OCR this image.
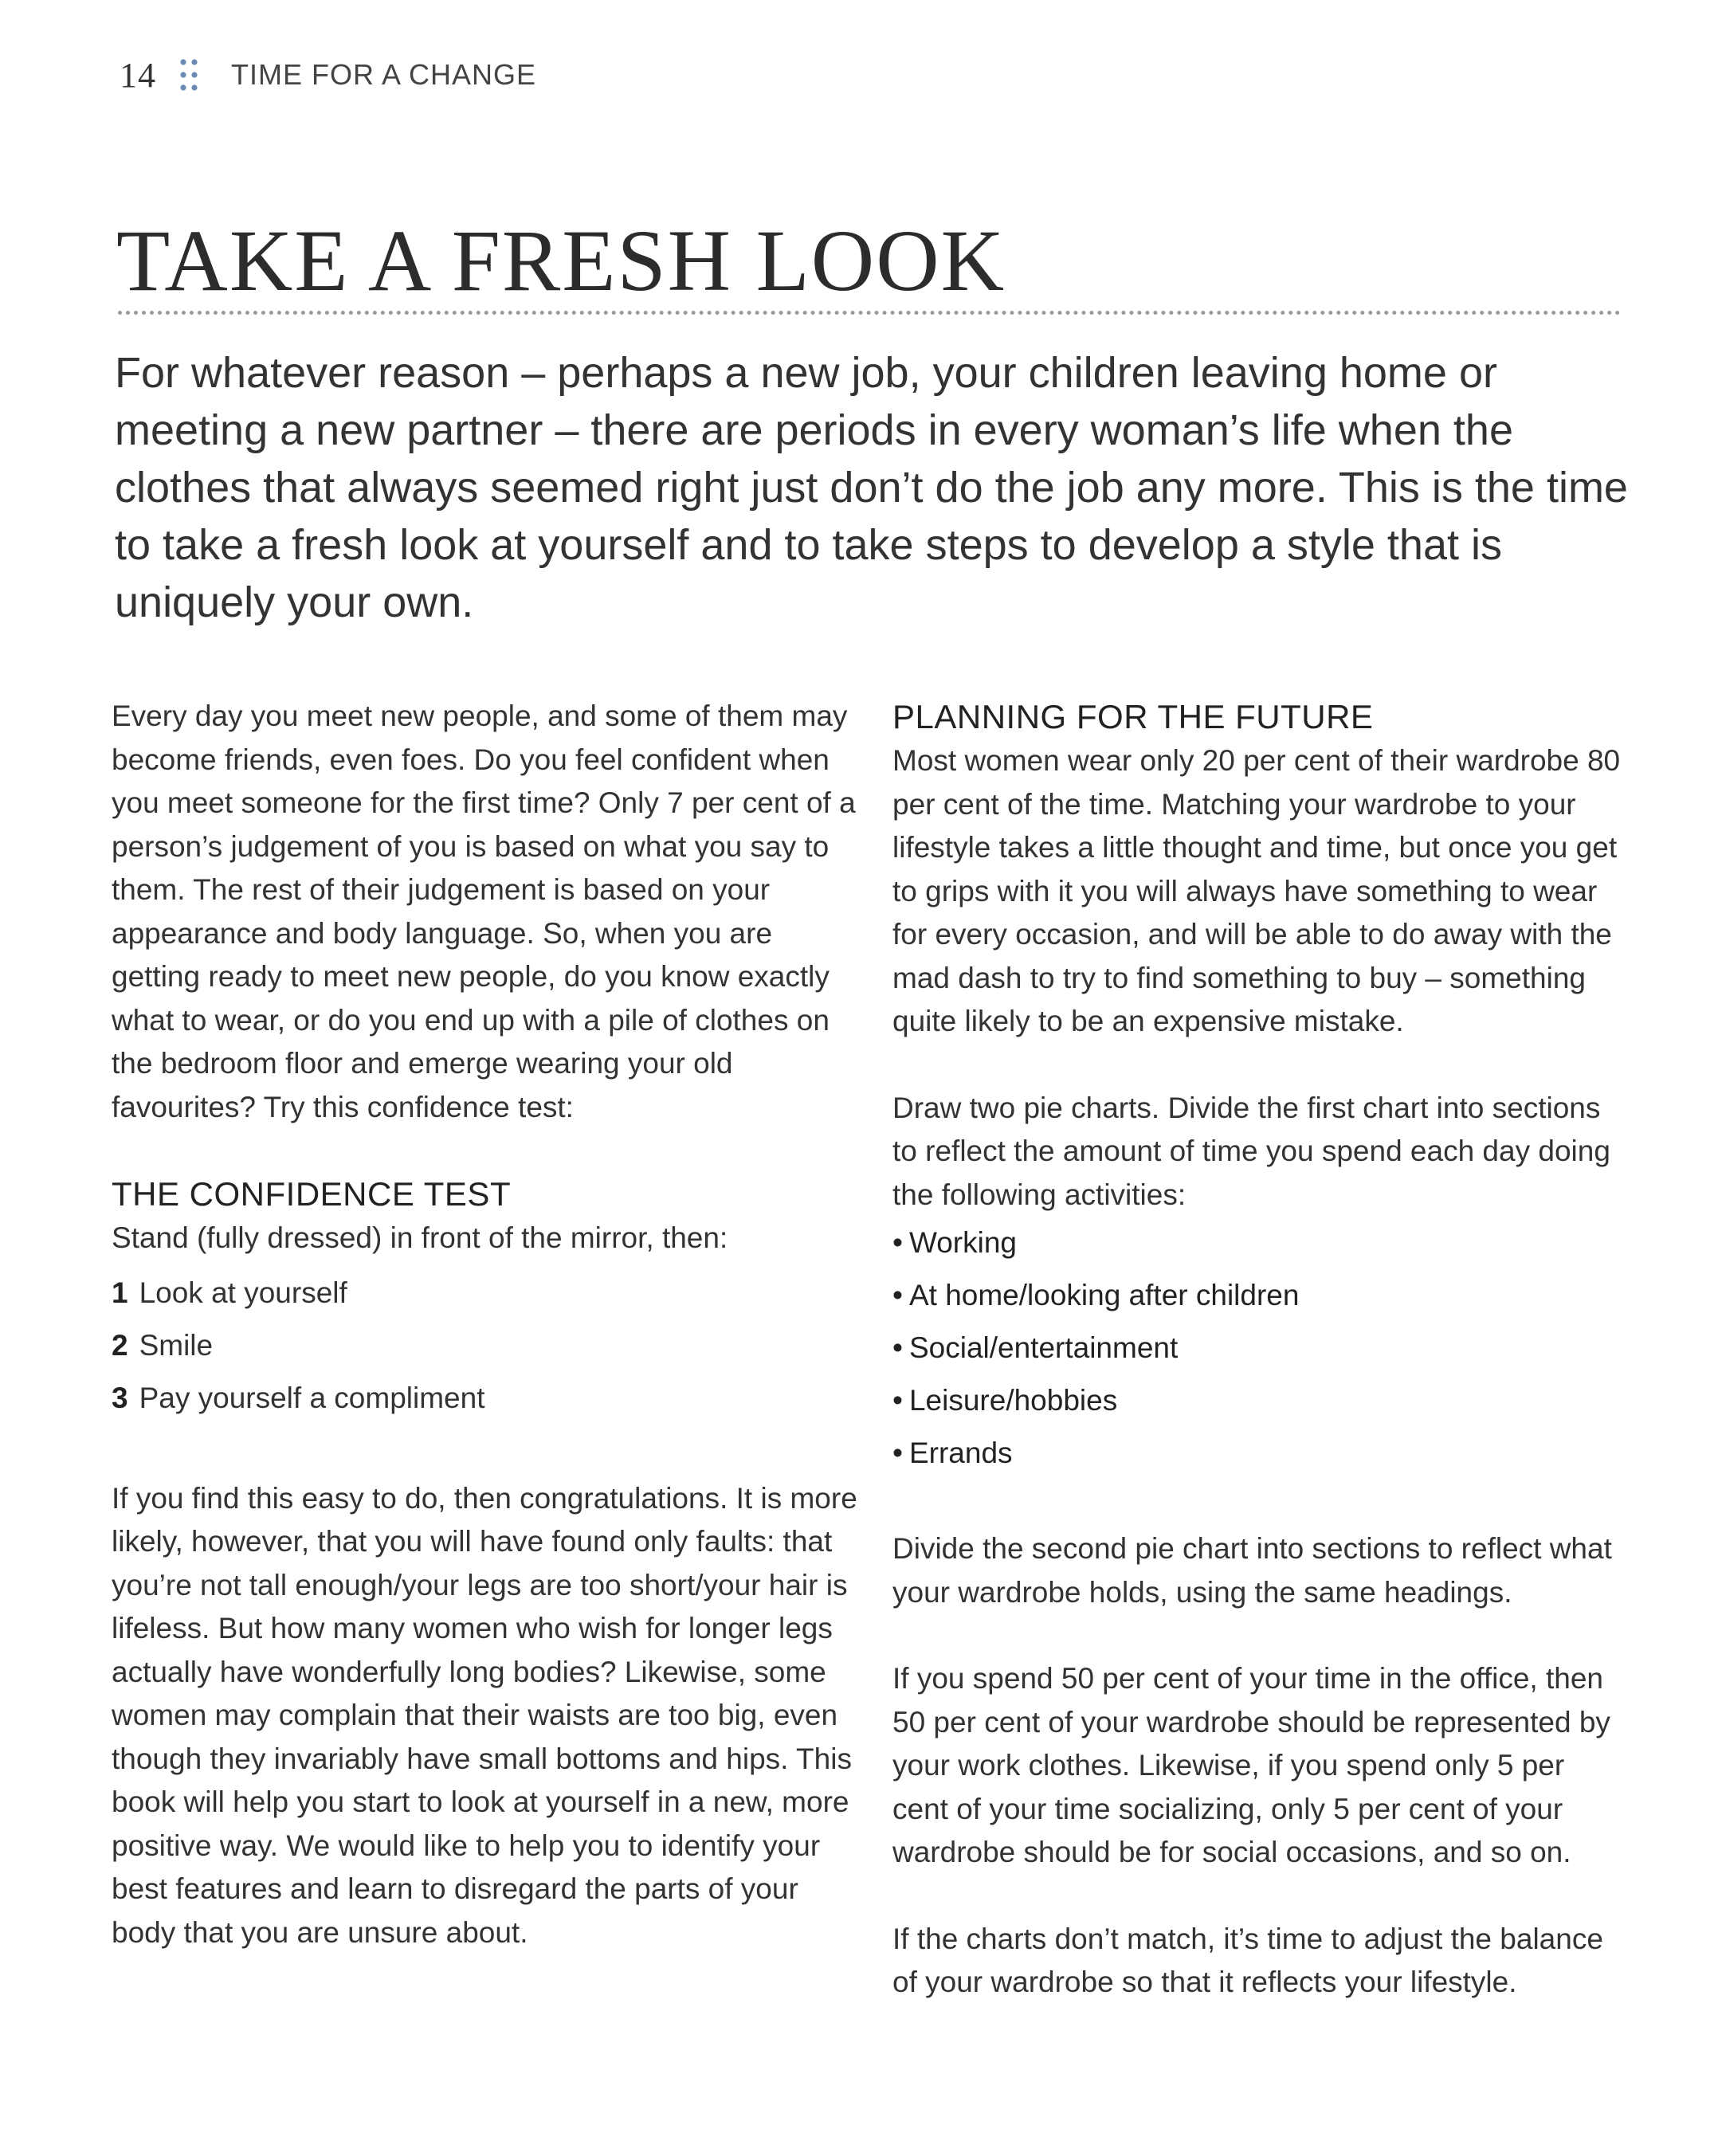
14	TIME FOR A CHANGE
TAKE A FRESH LOOK

For whatever reason – perhaps a new job, your children leaving home or meeting a new partner – there are periods in every woman’s life when the clothes that always seemed right just don’t do the job any more. This is the time to take a fresh look at yourself and to take steps to develop a style that is uniquely your own.

Every day you meet new people, and some of them may become friends, even foes. Do you feel confident when you meet someone for the first time? Only 7 per cent of a person’s judgement of you is based on what you say to them. The rest of their judgement is based on your appearance and body language. So, when you are getting ready to meet new people, do you know exactly what to wear, or do you end up with a pile of clothes on the bedroom floor and emerge wearing your old favourites? Try this confidence test:

THE CONFIDENCE TEST

Stand (fully dressed) in front of the mirror, then:

1 Look at yourself
2 Smile
3 Pay yourself a compliment

If you find this easy to do, then congratulations. It is more likely, however, that you will have found only faults: that you’re not tall enough/your legs are too short/your hair is lifeless. But how many women who wish for longer legs actually have wonderfully long bodies? Likewise, some women may complain that their waists are too big, even though they invariably have small bottoms and hips. This book will help you start to look at yourself in a new, more positive way. We would like to help you to identify your best features and learn to disregard the parts of your body that you are unsure about.

PLANNING FOR THE FUTURE

Most women wear only 20 per cent of their wardrobe 80 per cent of the time. Matching your wardrobe to your lifestyle takes a little thought and time, but once you get to grips with it you will always have something to wear for every occasion, and will be able to do away with the mad dash to try to find something to buy – something quite likely to be an expensive mistake.

Draw two pie charts. Divide the first chart into sections to reflect the amount of time you spend each day doing the following activities:

• Working
• At home/looking after children
• Social/entertainment
• Leisure/hobbies
• Errands

Divide the second pie chart into sections to reflect what your wardrobe holds, using the same headings.

If you spend 50 per cent of your time in the office, then 50 per cent of your wardrobe should be represented by your work clothes. Likewise, if you spend only 5 per cent of your time socializing, only 5 per cent of your wardrobe should be for social occasions, and so on.

If the charts don’t match, it’s time to adjust the balance of your wardrobe so that it reflects your lifestyle.
